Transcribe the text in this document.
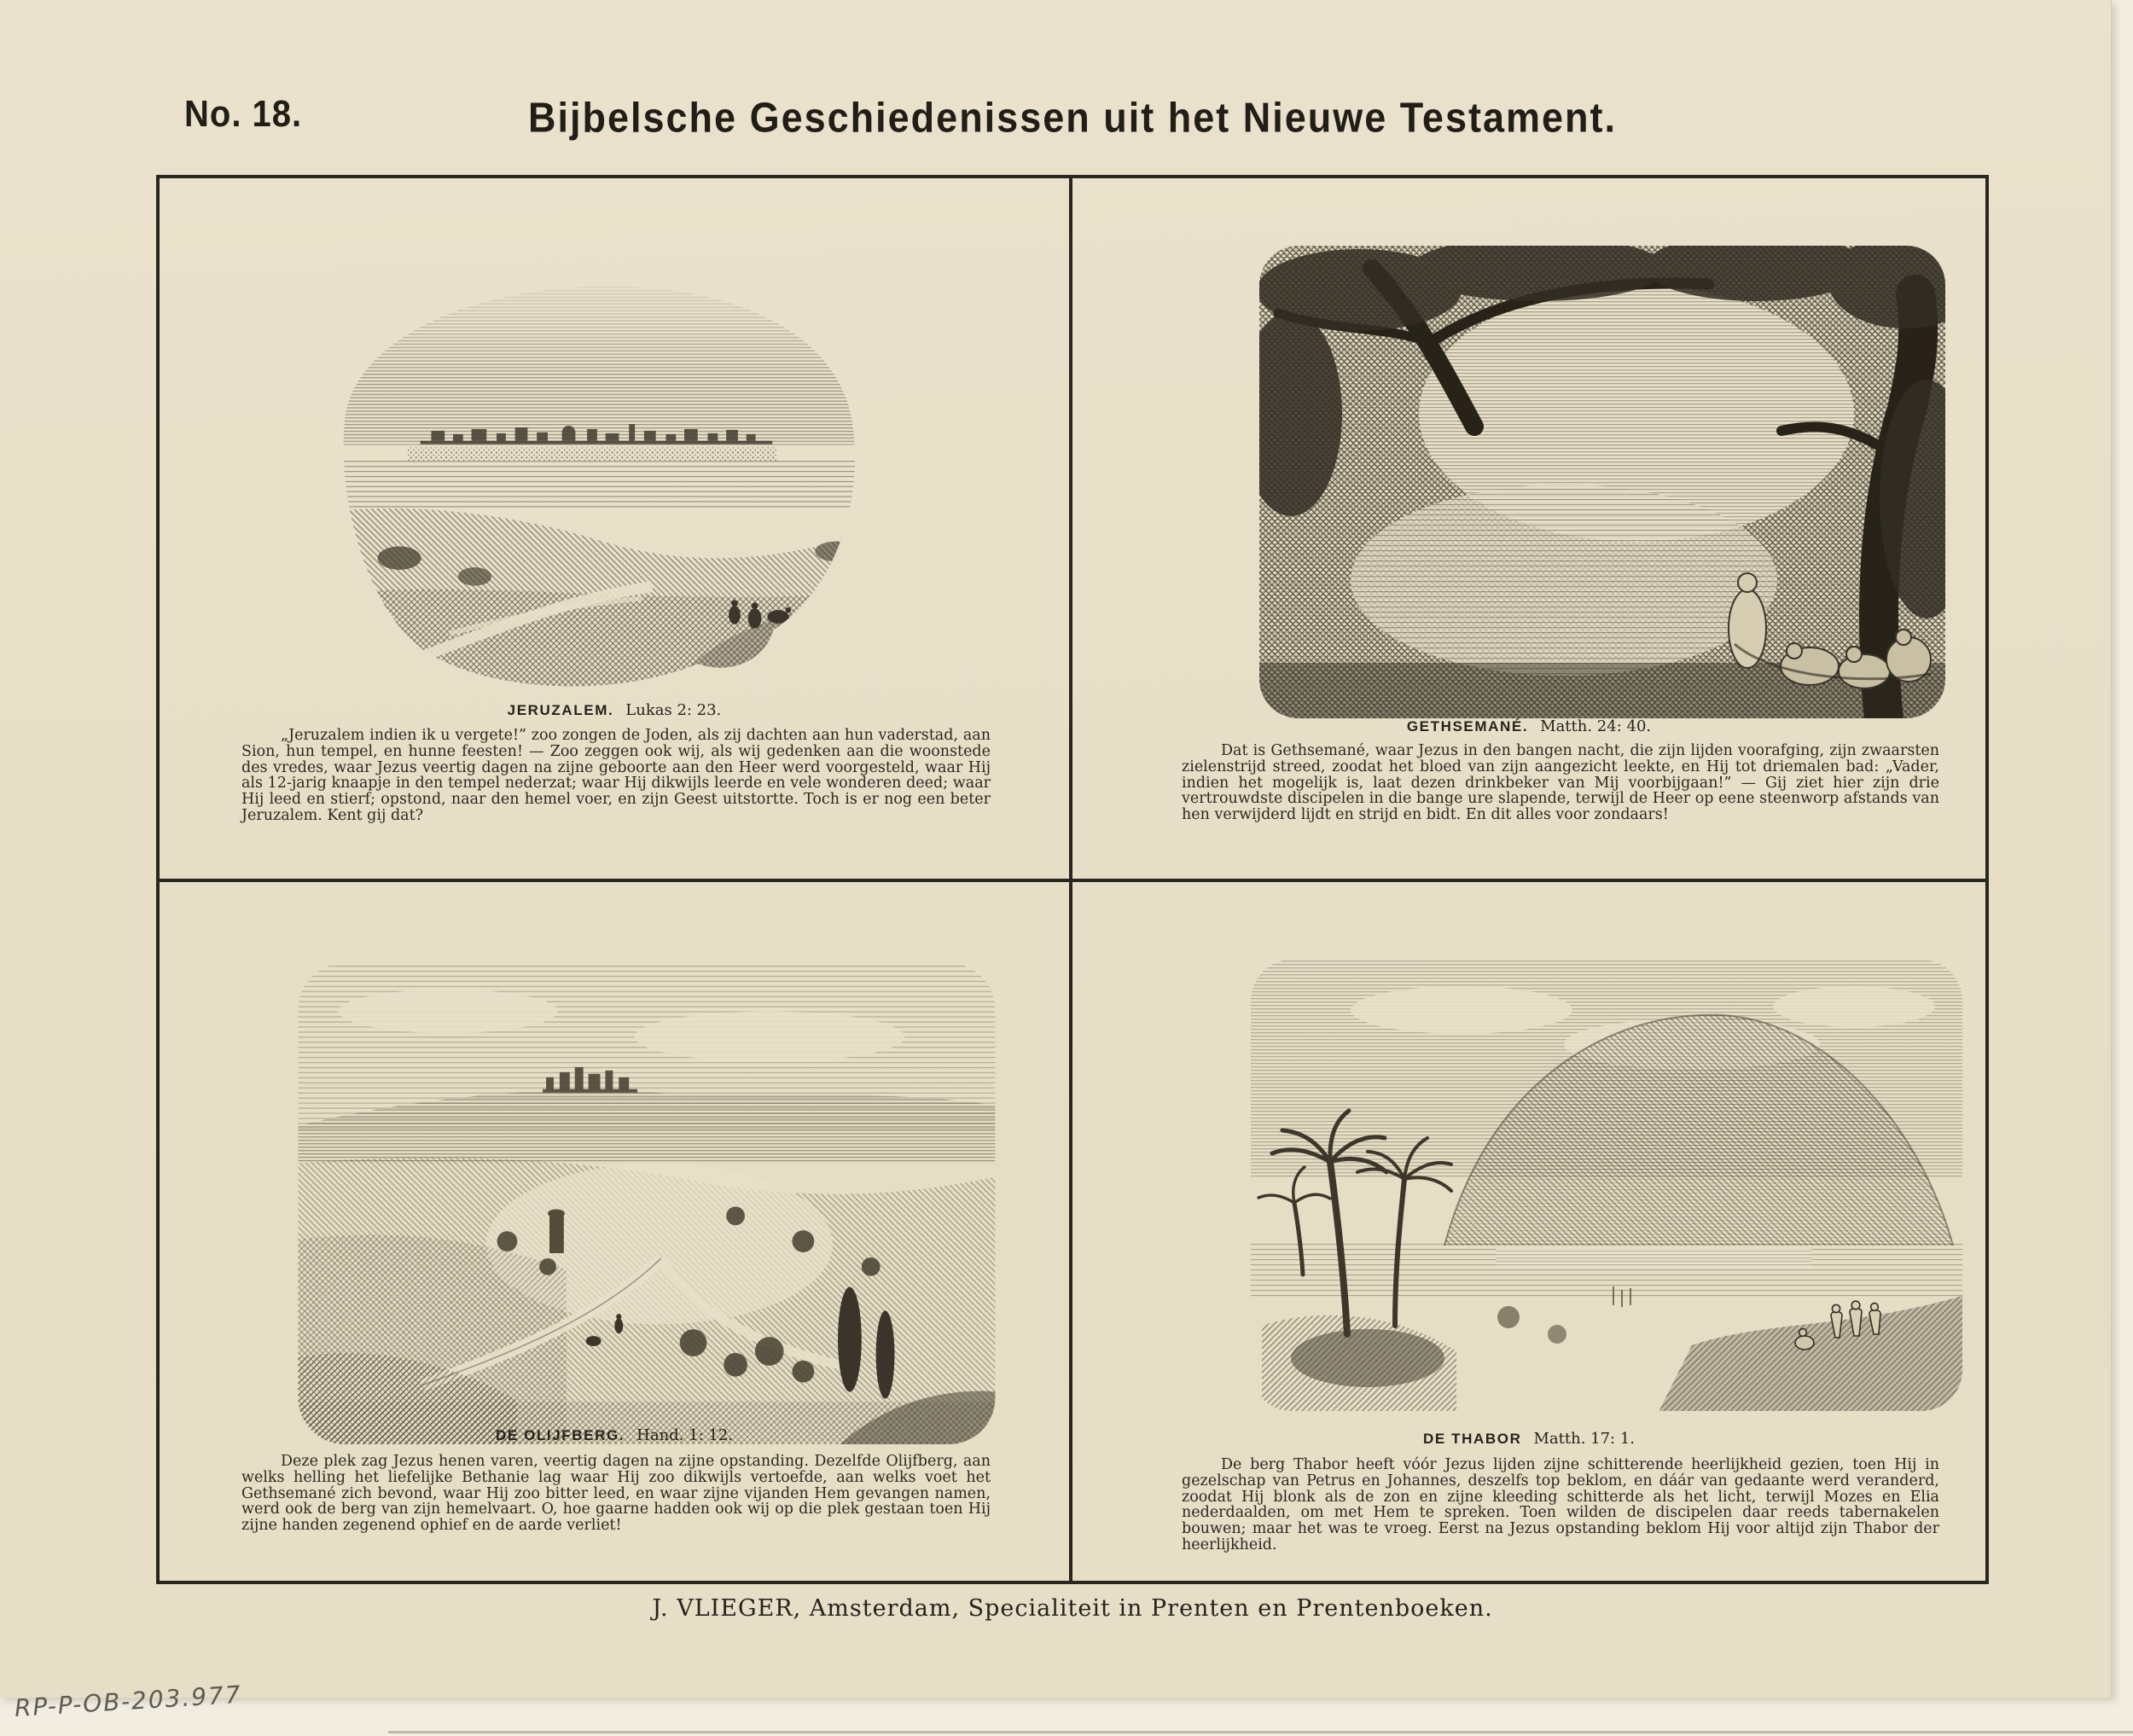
No. 18.	Bijbelsche Geschiedenissen uit het Nieuwe Testament.
JERUZALEM. Lukas 2: 23.

„Jeruzalem indien ik u vergete!” zoo zongen de Joden, als zij dachten aan hun vaderstad, aan Sion, hun tempel, en hunne feesten! — Zoo zeggen ook wij, als wij gedenken aan die woonstede des vredes, waar Jezus veertig dagen na zijne geboorte aan den Heer werd voorgesteld, waar Hij als 12-jarig knaapje in den tempel nederzat; waar Hij dikwijls leerde en vele wonderen deed; waar Hij leed en stierf; opstond, naar den hemel voer, en zijn Geest uitstortte. Toch is er nog een beter Jeruzalem. Kent gij dat?

GETHSEMANÉ. Matth. 24: 40.

Dat is Gethsemané, waar Jezus in den bangen nacht, die zijn lijden voorafging, zijn zwaarsten zielenstrijd streed, zoodat het bloed van zijn aangezicht leekte, en Hij tot driemalen bad: „Vader, indien het mogelijk is, laat dezen drinkbeker van Mij voorbijgaan!” — Gij ziet hier zijn drie vertrouwdste discipelen in die bange ure slapende, terwijl de Heer op eene steenworp afstands van hen verwijderd lijdt en strijd en bidt. En dit alles voor zondaars!

DE OLIJFBERG. Hand. 1: 12.

Deze plek zag Jezus henen varen, veertig dagen na zijne opstanding. Dezelfde Olijfberg, aan welks helling het liefelijke Bethanie lag waar Hij zoo dikwijls vertoefde, aan welks voet het Gethsemané zich bevond, waar Hij zoo bitter leed, en waar zijne vijanden Hem gevangen namen, werd ook de berg van zijn hemelvaart. O, hoe gaarne hadden ook wij op die plek gestaan toen Hij zijne handen zegenend ophief en de aarde verliet!

DE THABOR Matth. 17: 1.

De berg Thabor heeft vóór Jezus lijden zijne schitterende heerlijkheid gezien, toen Hij in gezelschap van Petrus en Johannes, deszelfs top beklom, en dáár van gedaante werd veranderd, zoodat Hij blonk als de zon en zijne kleeding schitterde als het licht, terwijl Mozes en Elia nederdaalden, om met Hem te spreken. Toen wilden de discipelen daar reeds tabernakelen bouwen; maar het was te vroeg. Eerst na Jezus opstanding beklom Hij voor altijd zijn Thabor der heerlijkheid.

J. VLIEGER, Amsterdam, Specialiteit in Prenten en Prentenboeken.
RP-P-OB-203.977
